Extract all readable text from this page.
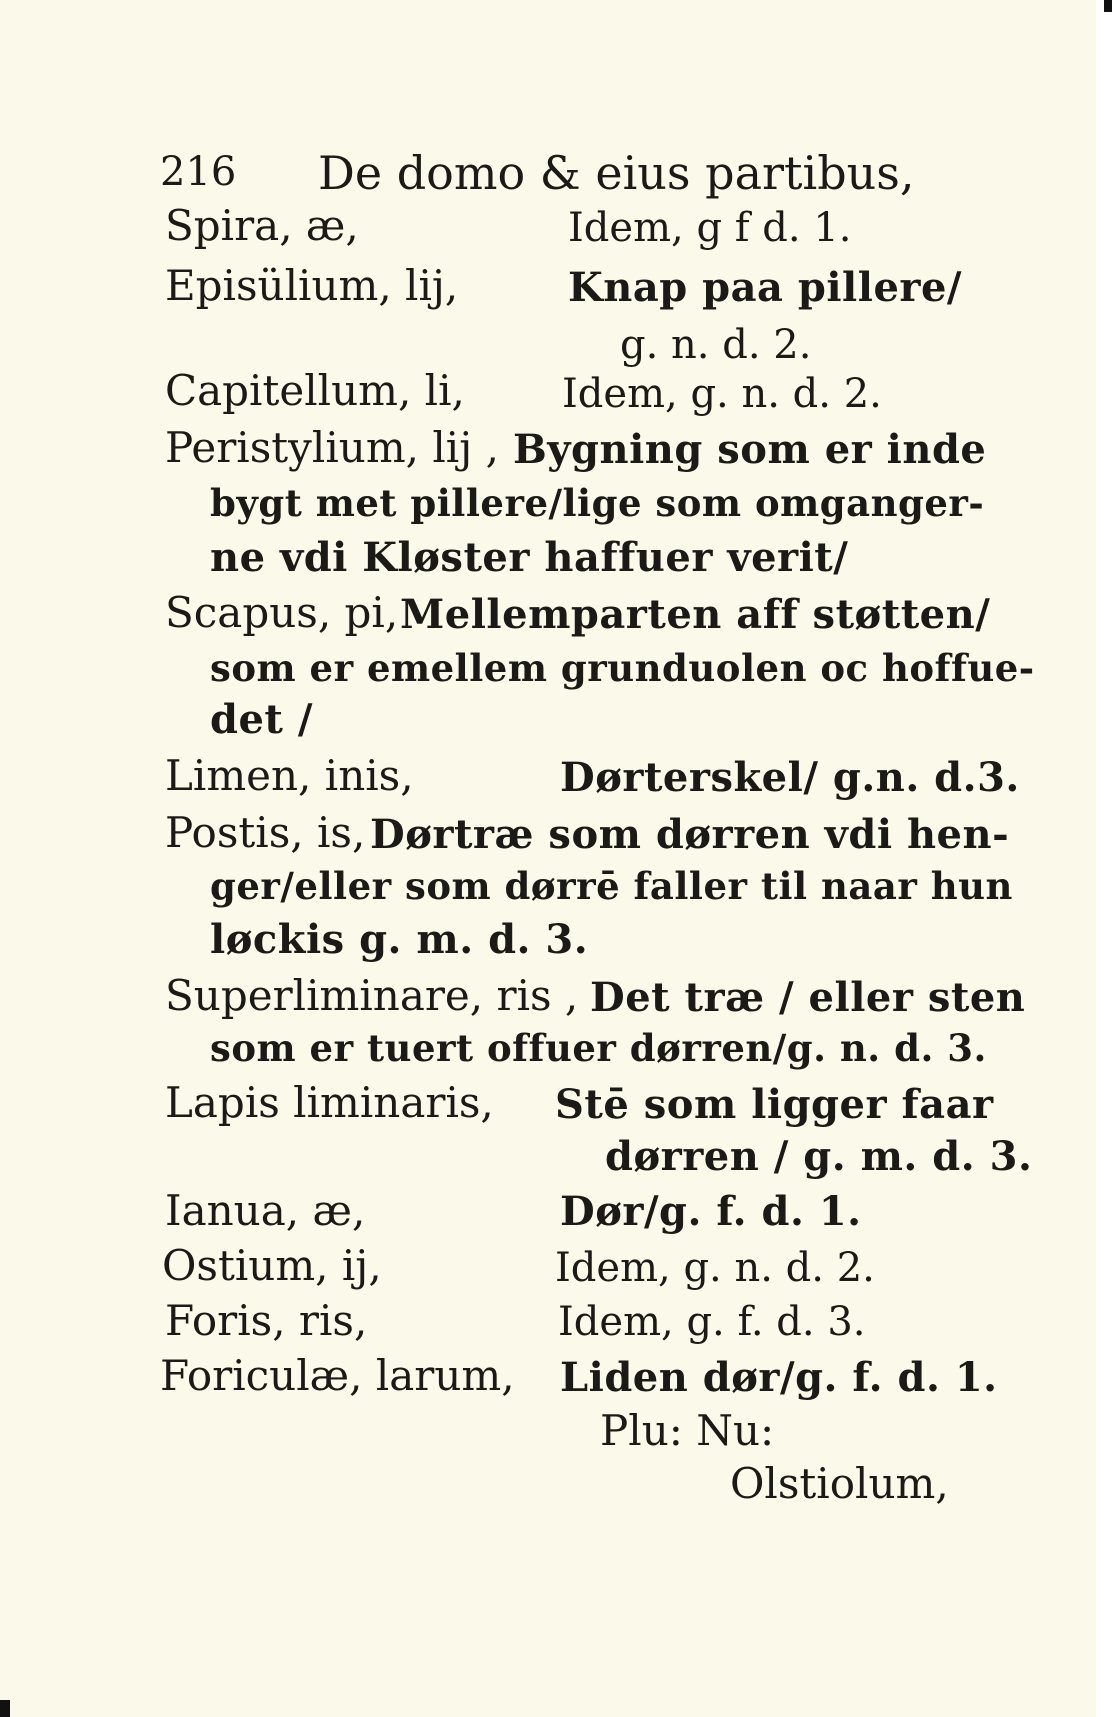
216 De domo & eius partibus,
Spira, æ,	Idem, g f d. 1.
Episülium, lij,	Knap paa pillere/
g. n. d. 2.
Capitellum, li, Idem, g. n. d. 2.
Peristylium, lij , Bygning som er inde
bygt met pillere/lige som omganger-
ne vdi Kløster haffuer verit/
Scapus, pi, Mellemparten aff støtten/
som er emellem grunduolen oc hoffue-
det /
Limen, inis,	Dørterskel/ g.n. d.3.
Postis, is, Dørtræ som dørren vdi hen-
ger/eller som dørrē faller til naar hun
løckis g. m. d. 3.
Superliminare, ris , Det træ / eller sten
som er tuert offuer dørren/g. n. d. 3.
Lapis liminaris, Stē som ligger faar
dørren / g. m. d. 3.
Ianua, æ,	Dør/g. f. d. 1.
Ostium, ij,	Idem, g. n. d. 2.
Foris, ris,	Idem, g. f. d. 3.
Foriculæ, larum, Liden dør/g. f. d. 1.
Plu: Nu:
Olstiolum,
